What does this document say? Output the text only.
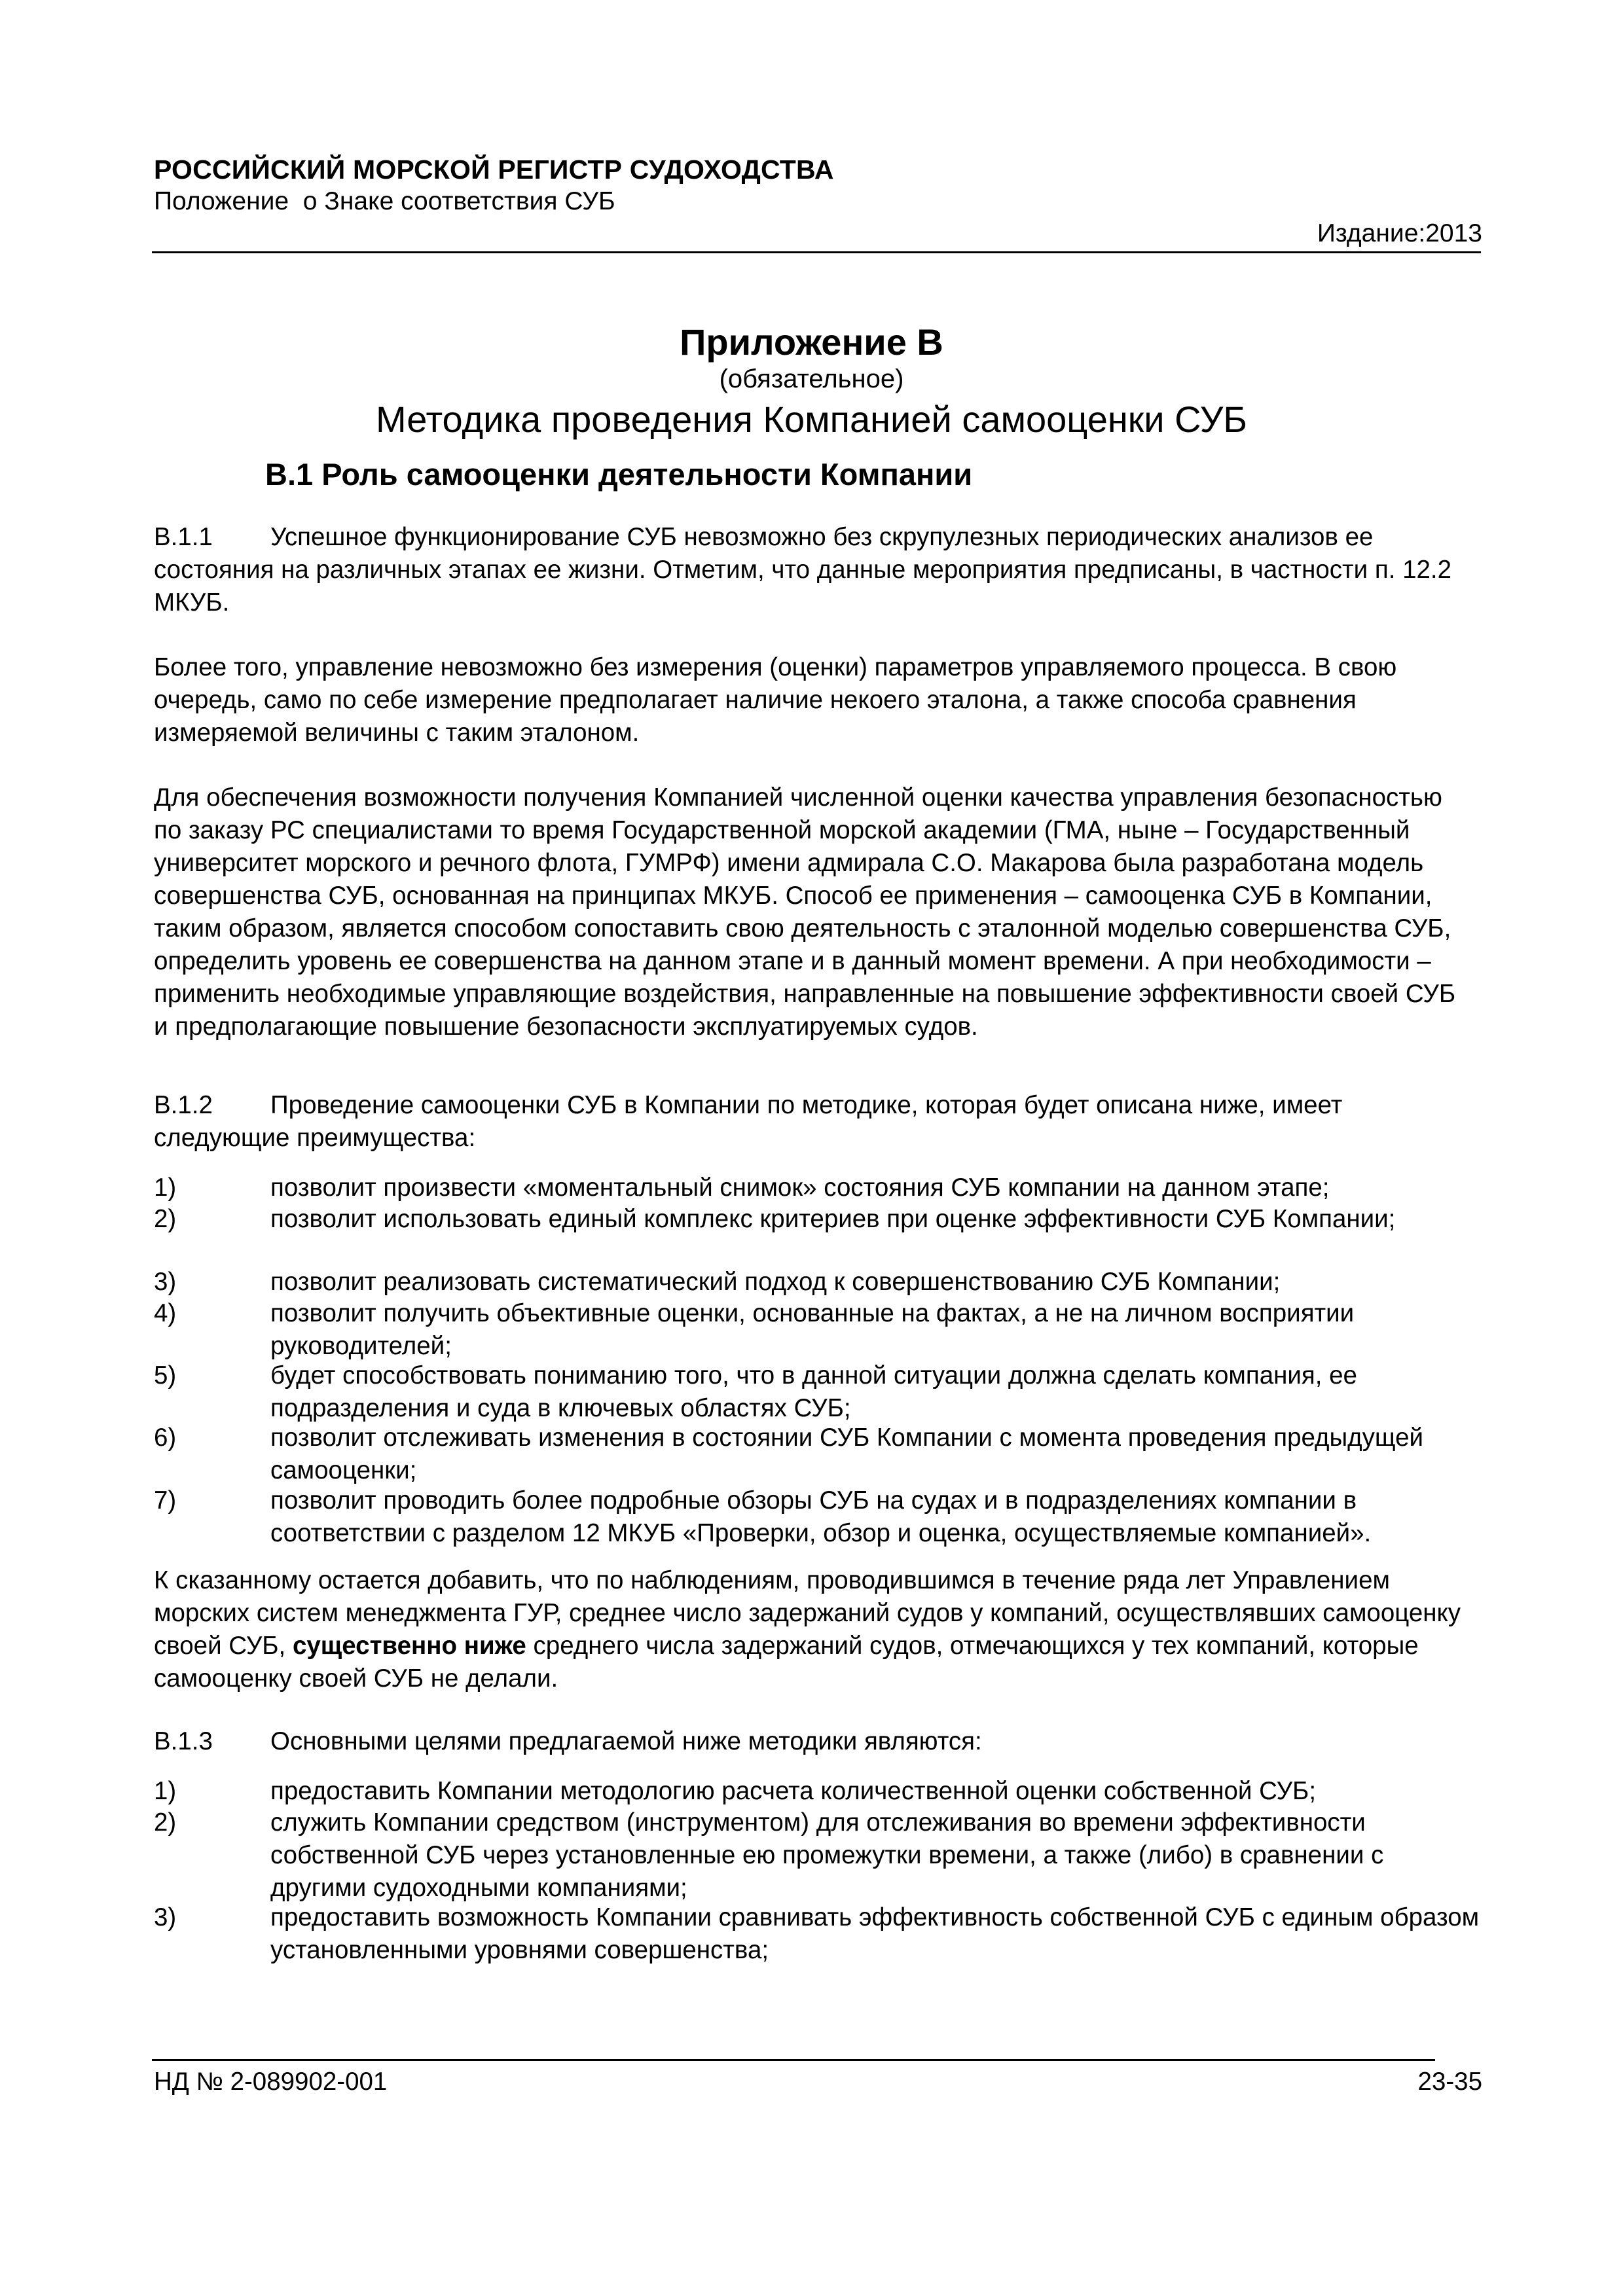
РОССИЙСКИЙ МОРСКОЙ РЕГИСТР СУДОХОДСТВА
Положение  о Знаке соответствия СУБ
Издание:2013
Приложение В
(обязательное)
Методика проведения Компанией самооценки СУБ
В.1 Роль самооценки деятельности Компании
В.1.1	Успешное функционирование СУБ невозможно без скрупулезных периодических анализов ее состояния на различных этапах ее жизни. Отметим, что данные мероприятия предписаны, в частности п. 12.2 МКУБ.
Более того, управление невозможно без измерения (оценки) параметров управляемого процесса. В свою очередь, само по себе измерение предполагает наличие некоего эталона, а также способа сравнения измеряемой величины с таким эталоном.
Для обеспечения возможности получения Компанией численной оценки качества управления безопасностью по заказу РС специалистами то время Государственной морской академии (ГМА, ныне – Государственный университет морского и речного флота, ГУМРФ) имени адмирала С.О. Макарова была разработана модель совершенства СУБ, основанная на принципах МКУБ. Способ ее применения – самооценка СУБ в Компании, таким образом, является способом сопоставить свою деятельность с эталонной моделью совершенства СУБ, определить уровень ее совершенства на данном этапе и в данный момент времени. А при необходимости – применить необходимые управляющие воздействия, направленные на повышение эффективности своей СУБ и предполагающие повышение безопасности эксплуатируемых судов.
В.1.2	Проведение самооценки СУБ в Компании по методике, которая будет описана ниже, имеет следующие преимущества:
1)	позволит произвести «моментальный снимок» состояния СУБ компании на данном этапе;
2)	позволит использовать единый комплекс критериев при оценке эффективности СУБ Компании;
3)	позволит реализовать систематический подход к совершенствованию СУБ Компании;
4)	позволит получить объективные оценки, основанные на фактах, а не на личном восприятии руководителей;
5)	будет способствовать пониманию того, что в данной ситуации должна сделать компания, ее подразделения и суда в ключевых областях СУБ;
6)	позволит отслеживать изменения в состоянии СУБ Компании с момента проведения предыдущей самооценки;
7)	позволит проводить более подробные обзоры СУБ на судах и в подразделениях компании в соответствии с разделом 12 МКУБ «Проверки, обзор и оценка, осуществляемые компанией».
К сказанному остается добавить, что по наблюдениям, проводившимся в течение ряда лет Управлением морских систем менеджмента ГУР, среднее число задержаний судов у компаний, осуществлявших самооценку своей СУБ, существенно ниже среднего числа задержаний судов, отмечающихся у тех компаний, которые самооценку своей СУБ не делали.
В.1.3	Основными целями предлагаемой ниже методики являются:
1)	предоставить Компании методологию расчета количественной оценки собственной СУБ;
2)	служить Компании средством (инструментом) для отслеживания во времени эффективности собственной СУБ через установленные ею промежутки времени, а также (либо) в сравнении с другими судоходными компаниями;
3)	предоставить возможность Компании сравнивать эффективность собственной СУБ с единым образом установленными уровнями совершенства;
НД № 2-089902-001	23-35
